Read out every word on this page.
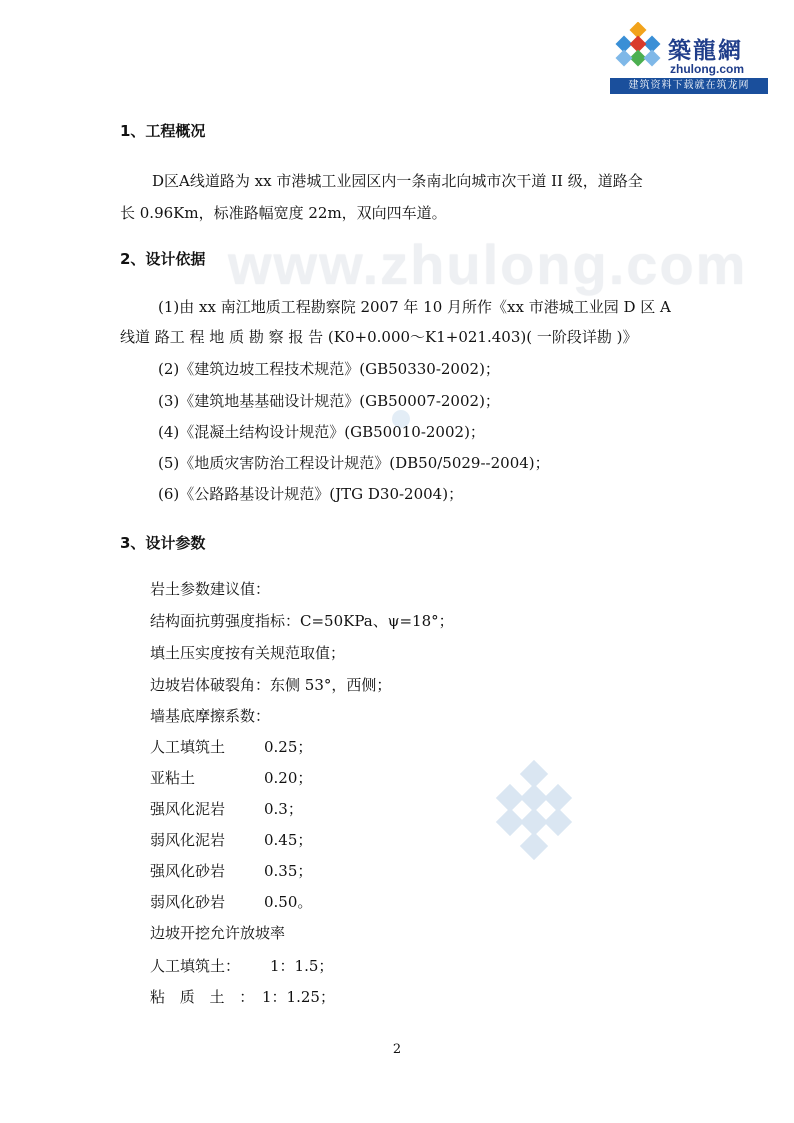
築龍網
zhulong.com
建筑资料下载就在筑龙网
www.zhulong.com
1、工程概况
D区A线道路为 xx 市港城工业园区内一条南北向城市次干道 II 级，道路全
长 0.96Km，标准路幅宽度 22m，双向四车道。
2、设计依据
(1)由 xx 南江地质工程勘察院 2007 年 10 月所作《xx 市港城工业园 D 区 A
线道 路工 程 地 质 勘 察 报 告 (K0+0.000～K1+021.403)( 一阶段详勘 )》
(2)《建筑边坡工程技术规范》(GB50330-2002)；
(3)《建筑地基基础设计规范》(GB50007-2002)；
(4)《混凝土结构设计规范》(GB50010-2002)；
(5)《地质灾害防治工程设计规范》(DB50/5029--2004)；
(6)《公路路基设计规范》(JTG D30-2004)；
3、设计参数
岩土参数建议值：
结构面抗剪强度指标：C=50KPa、ψ=18°；
填土压实度按有关规范取值；
边坡岩体破裂角：东侧 53°，西侧；
墙基底摩擦系数：
人工填筑土	0.25；
亚粘土	0.20；
强风化泥岩	0.3；
弱风化泥岩	0.45；
强风化砂岩	0.35；
弱风化砂岩	0.50。
边坡开挖允许放坡率
人工填筑土： 1：1.5；
粘 质 土 ： 1：1.25；
2
